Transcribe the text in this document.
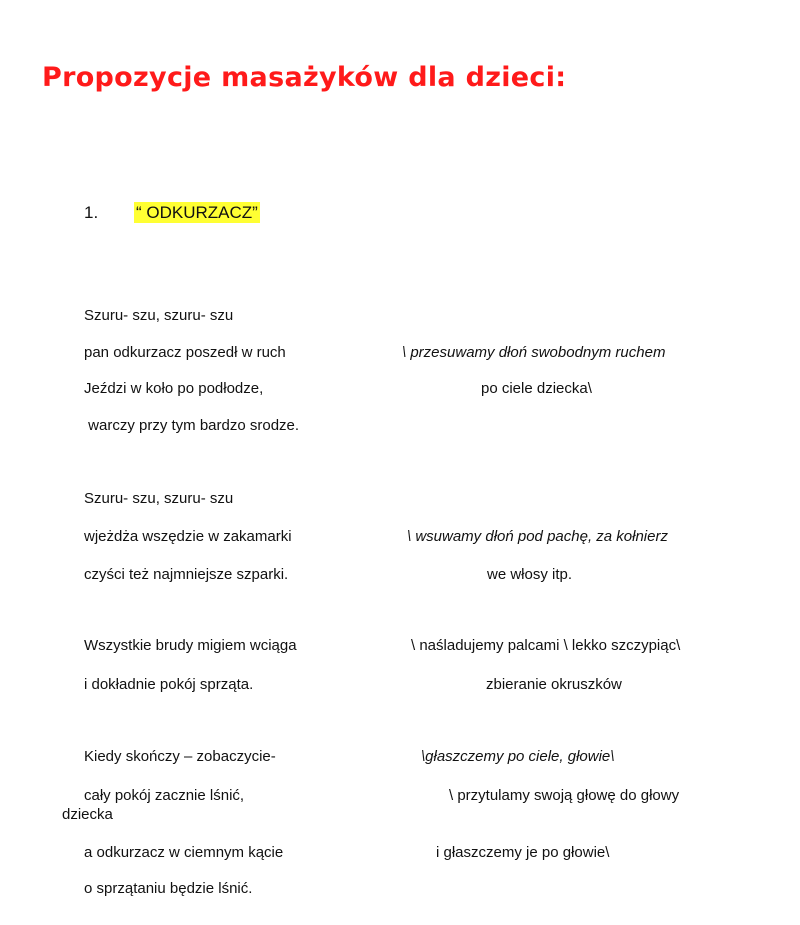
Propozycje masażyków dla dzieci:
1. “ ODKURZACZ”
Szuru- szu, szuru- szu
pan odkurzacz poszedł w ruch
Jeździ w koło po podłodze,
warczy przy tym bardzo srodze.
Szuru- szu, szuru- szu
wjeżdża wszędzie w zakamarki
czyści też najmniejsze szparki.
Wszystkie brudy migiem wciąga
i dokładnie pokój sprząta.
Kiedy skończy – zobaczycie-
cały pokój zacznie lśnić,
dziecka
a odkurzacz w ciemnym kącie
o sprzątaniu będzie lśnić.
\ przesuwamy dłoń swobodnym ruchem
po ciele dziecka\
\ wsuwamy dłoń pod pachę, za kołnierz
we włosy itp.
\ naśladujemy palcami \ lekko szczypiąc\
zbieranie okruszków
\głaszczemy po ciele, głowie\
\ przytulamy swoją głowę do głowy
i głaszczemy je po głowie\
